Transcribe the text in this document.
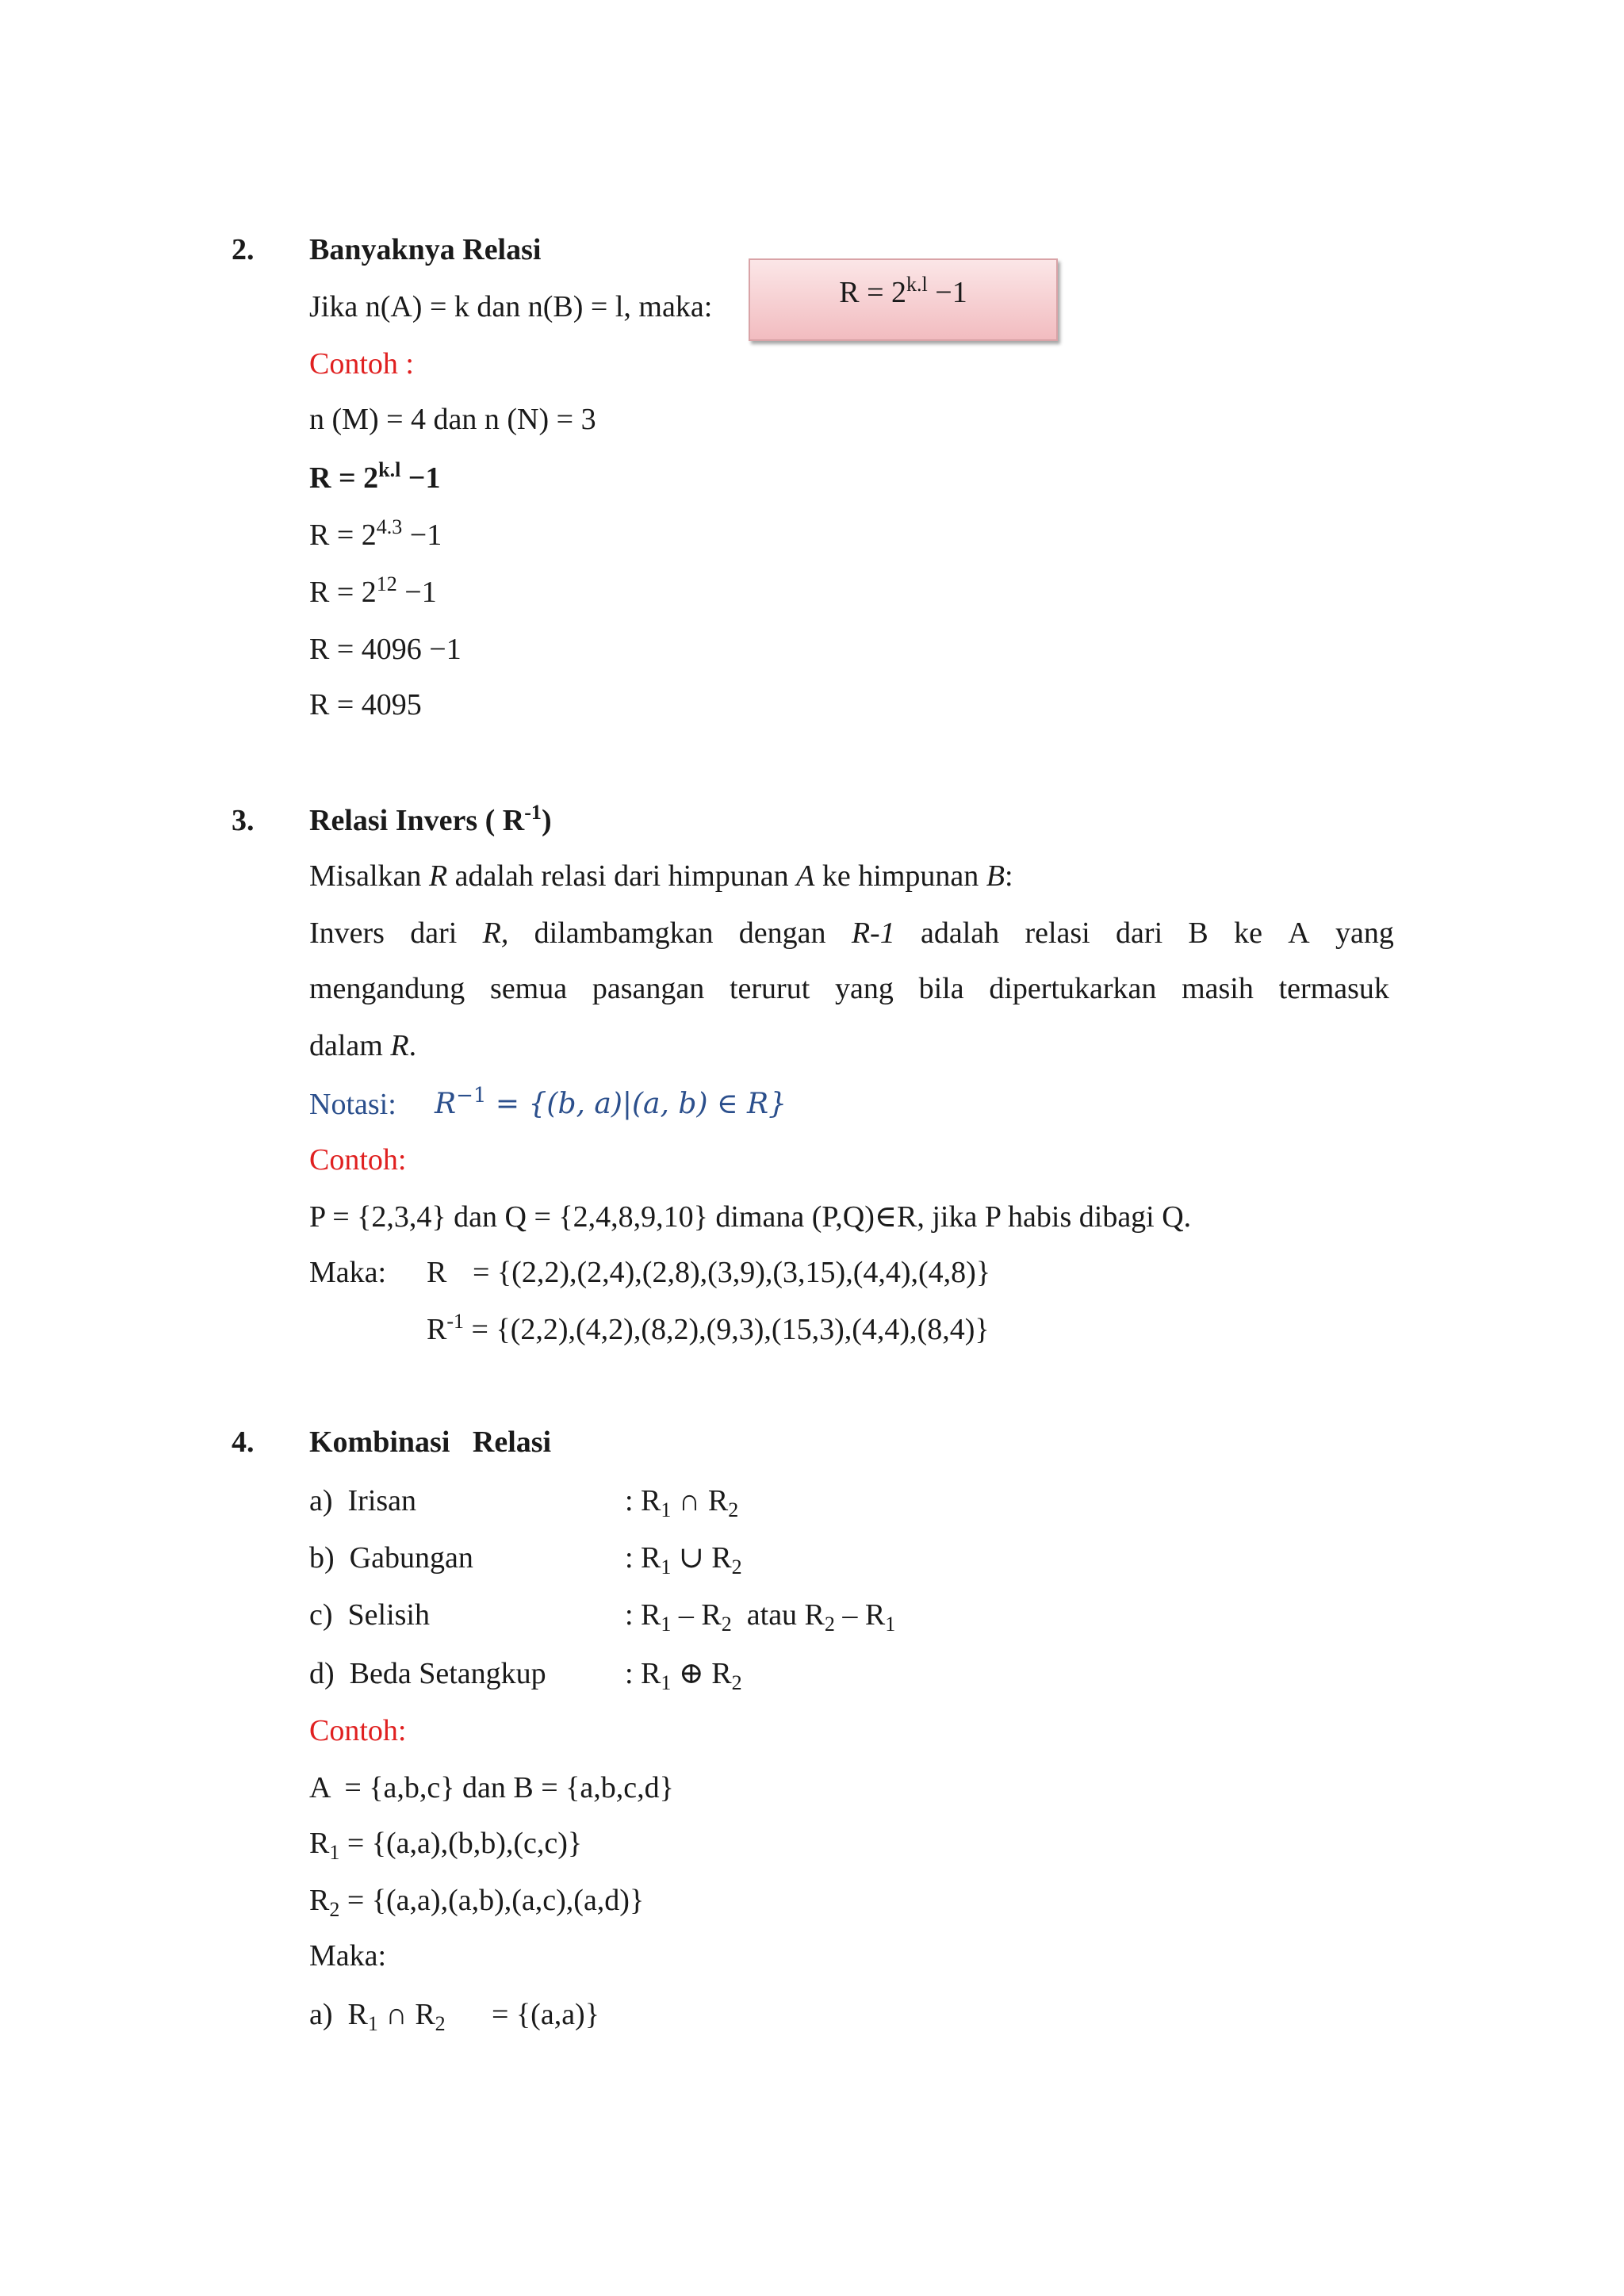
2. Banyaknya Relasi
Jika n(A) = k dan n(B) = l, maka:	$R = 2^{k.l} -1$
Contoh :
n (M) = 4 dan n (N) = 3
$R = 2^{k.l} -1$
$R = 2^{4.3} -1$
$R = 2^{12} -1$
R = 4096 −1
R = 4095
3. Relasi Invers ( $R^{-1}$)
Misalkan R adalah relasi dari himpunan A ke himpunan B:
Invers dari R, dilambamgkan dengan R-1 adalah relasi dari B ke A yang
mengandung semua pasangan terurut yang bila dipertukarkan masih termasuk
dalam R.
Notasi: $R^{-1} = \{(b$, a)|(a, b) ∈ R}
Contoh:
P = {2,3,4} dan Q = {2,4,8,9,10} dimana (P,Q)∈R, jika P habis dibagi Q.
Maka: R = {(2,2),(2,4),(2,8),(3,9),(3,15),(4,4),(4,8)}
$R^{-1} = \{(2,2),(4,2),(8,2),(9,3),(15,3),(4,4),(8,4)\}$
4. Kombinasi   Relasi
a)  Irisan	: $R_1$ ∩ $R_2$
b)  Gabungan	: $R_1$ ∪ $R_2$
c)  Selisih	: $R_1 - R_2$  atau $R_2 - R_1$
d)  Beda Setangkup	: $R_1$ ⊕ $R_2$
Contoh:
A  = {a,b,c} dan B = {a,b,c,d}
$R_1 = \{(a,a),(b,b),(c,c)\}$
$R_2 = \{(a,a),(a,b),(a,c),(a,d)\}$
Maka:
a)  $R_1$ ∩ $R_2 = \{(a,a)\}$
